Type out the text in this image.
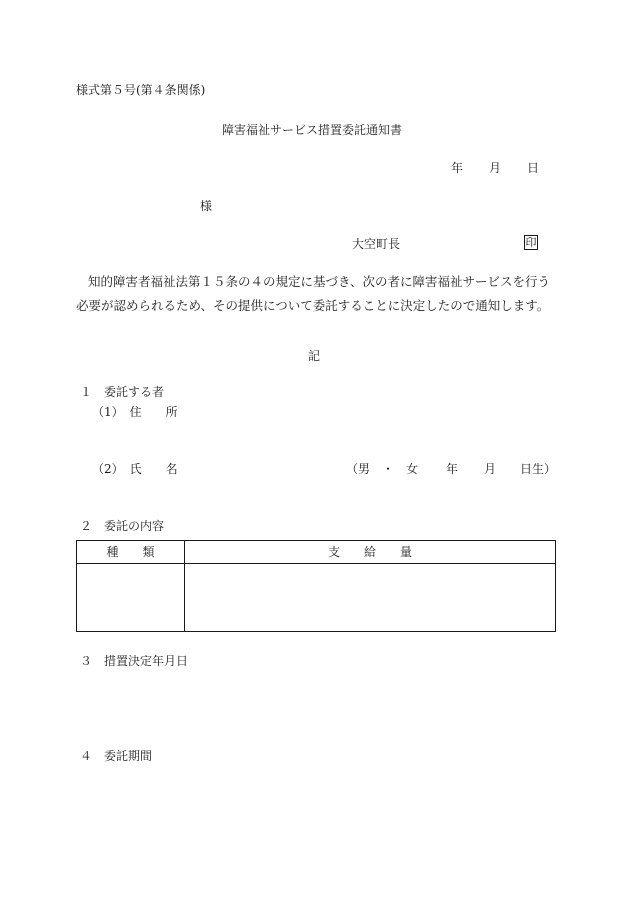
様式第５号(第４条関係)
障害福祉サービス措置委託通知書
年 月 日
様
大空町長	印
知的障害者福祉法第１５条の４の規定に基づき、次の者に障害福祉サービスを行う
必要が認められるため、その提供について委託することに決定したので通知します。
記
１　委託する者
（1）　住　　所
（2）　氏　　名	（男　・　女 年 月 日生）
２　委託の内容
種　　類	支　　給　　量
３　措置決定年月日
４　委託期間
